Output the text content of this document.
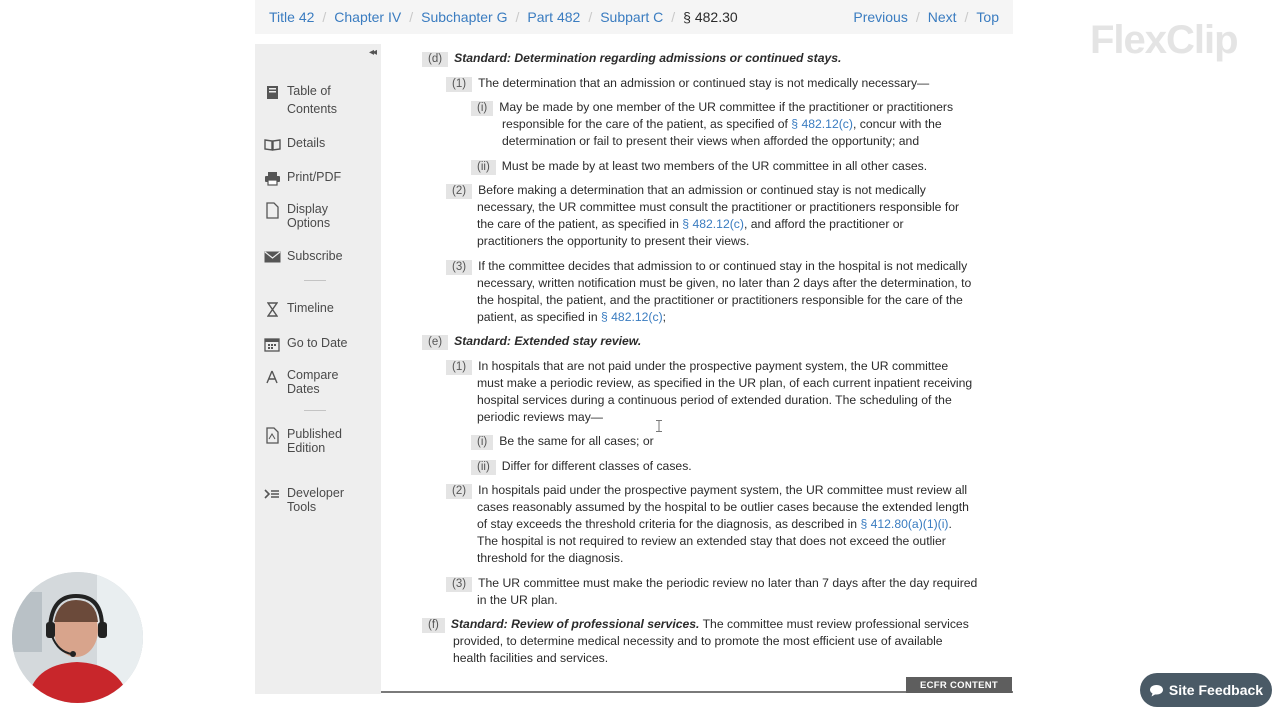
Title 42 / Chapter IV / Subchapter G / Part 482 / Subpart C / § 482.30	Previous / Next / Top
◂◂
Table of
Contents
Details
Print/PDF
Display
Options
Subscribe
Timeline
Go to Date
Compare
Dates
Published
Edition
Developer
Tools
(d) Standard: Determination regarding admissions or continued stays.
(1) The determination that an admission or continued stay is not medically necessary—
(i) May be made by one member of the UR committee if the practitioner or practitioners
responsible for the care of the patient, as specified of § 482.12(c), concur with the
determination or fail to present their views when afforded the opportunity; and
(ii) Must be made by at least two members of the UR committee in all other cases.
(2) Before making a determination that an admission or continued stay is not medically
necessary, the UR committee must consult the practitioner or practitioners responsible for
the care of the patient, as specified in § 482.12(c), and afford the practitioner or
practitioners the opportunity to present their views.
(3) If the committee decides that admission to or continued stay in the hospital is not medically
necessary, written notification must be given, no later than 2 days after the determination, to
the hospital, the patient, and the practitioner or practitioners responsible for the care of the
patient, as specified in § 482.12(c);
(e) Standard: Extended stay review.
(1) In hospitals that are not paid under the prospective payment system, the UR committee
must make a periodic review, as specified in the UR plan, of each current inpatient receiving
hospital services during a continuous period of extended duration. The scheduling of the
periodic reviews may—
(i) Be the same for all cases; or
(ii) Differ for different classes of cases.
(2) In hospitals paid under the prospective payment system, the UR committee must review all
cases reasonably assumed by the hospital to be outlier cases because the extended length
of stay exceeds the threshold criteria for the diagnosis, as described in § 412.80(a)(1)(i).
The hospital is not required to review an extended stay that does not exceed the outlier
threshold for the diagnosis.
(3) The UR committee must make the periodic review no later than 7 days after the day required
in the UR plan.
(f) Standard: Review of professional services. The committee must review professional services
provided, to determine medical necessity and to promote the most efficient use of available
health facilities and services.
ECFR CONTENT
FlexClip
Site Feedback
